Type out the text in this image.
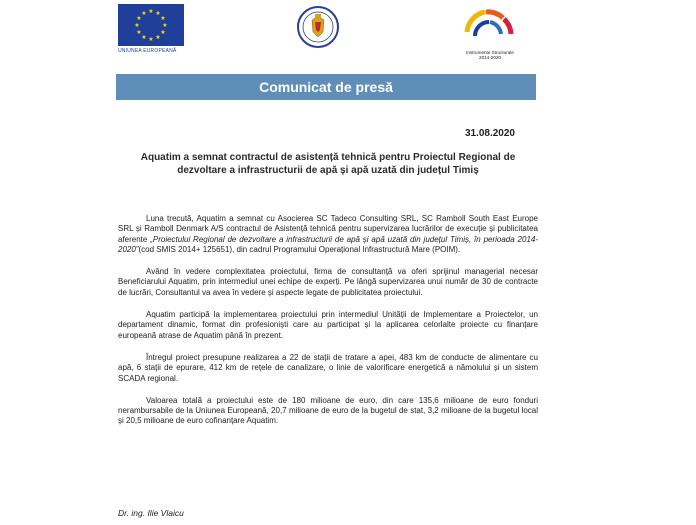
★ ★
★
★
★
★
★
★
★
★
★
★
UNIUNEA EUROPEANĂ	Instrumente Structurale
2014-2020
Comunicat de presă
31.08.2020
Aquatim a semnat contractul de asistență tehnică pentru Proiectul Regional de dezvoltare a infrastructurii de apă și apă uzată din județul Timiș

Luna trecută, Aquatim a semnat cu Asocierea SC Tadeco Consulting SRL, SC Ramboll South East Europe SRL și Ramboll Denmark A/S contractul de Asistență tehnică pentru supervizarea lucrărilor de execuție și publicitatea aferente „Proiectului Regional de dezvoltare a infrastructurii de apă și apă uzată din județul Timiș, în perioada 2014-2020”(cod SMIS 2014+ 125651), din cadrul Programului Operațional Infrastructură Mare (POIM).

Având în vedere complexitatea proiectului, firma de consultanță va oferi sprijinul managerial necesar Beneficiarului Aquatim, prin intermediul unei echipe de experți. Pe lângă supervizarea unui număr de 30 de contracte de lucrări, Consultantul va avea în vedere și aspecte legate de publicitatea proiectului.

Aquatim participă la implementarea proiectului prin intermediul Unității de Implementare a Proiectelor, un departament dinamic, format din profesioniști care au participat și la aplicarea celorlalte proiecte cu finanțare europeană atrase de Aquatim până în prezent.

Întregul proiect presupune realizarea a 22 de stații de tratare a apei, 483 km de conducte de alimentare cu apă, 6 stații de epurare, 412 km de rețele de canalizare, o linie de valorificare energetică a nămolului și un sistem SCADA regional.

Valoarea totală a proiectului este de 180 milioane de euro, din care 135,6 milioane de euro fonduri nerambursabile de la Uniunea Europeană, 20,7 milioane de euro de la bugetul de stat, 3,2 milioane de la bugetul local și 20,5 milioane de euro cofinanțare Aquatim.

Dr. ing. Ilie Vlaicu
